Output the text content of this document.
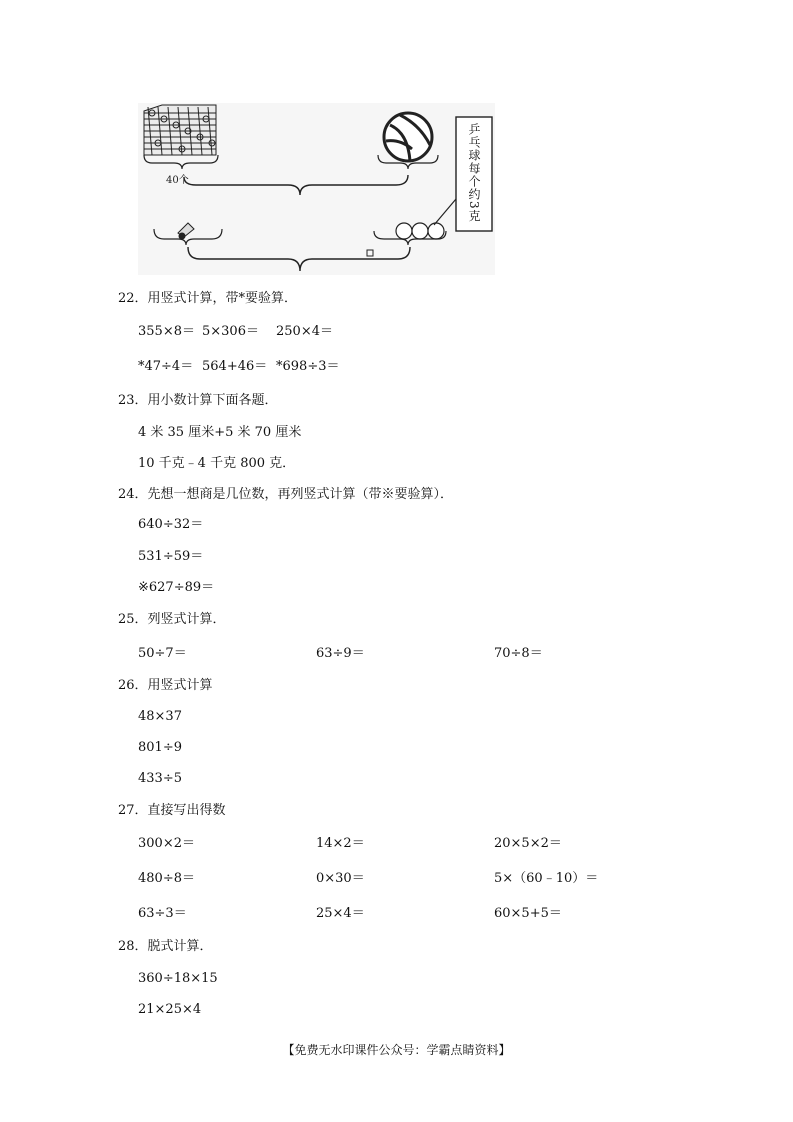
40个	乒乓球每个约3克
22．用竖式计算，带*要验算．
355×8＝ 5×306＝ 250×4＝
*47÷4＝ 564+46＝ *698÷3＝
23．用小数计算下面各题．
4 米 35 厘米+5 米 70 厘米
10 千克﹣4 千克 800 克．
24．先想一想商是几位数，再列竖式计算（带※要验算）．
640÷32＝
531÷59＝
※627÷89＝
25．列竖式计算．
50÷7＝	63÷9＝	70÷8＝
26．用竖式计算
48×37
801÷9
433÷5
27．直接写出得数
300×2＝	14×2＝	20×5×2＝
480÷8＝	0×30＝	5×（60﹣10）＝
63÷3＝	25×4＝	60×5+5＝
28．脱式计算．
360÷18×15
21×25×4
【免费无水印课件公众号：学霸点睛资料】
